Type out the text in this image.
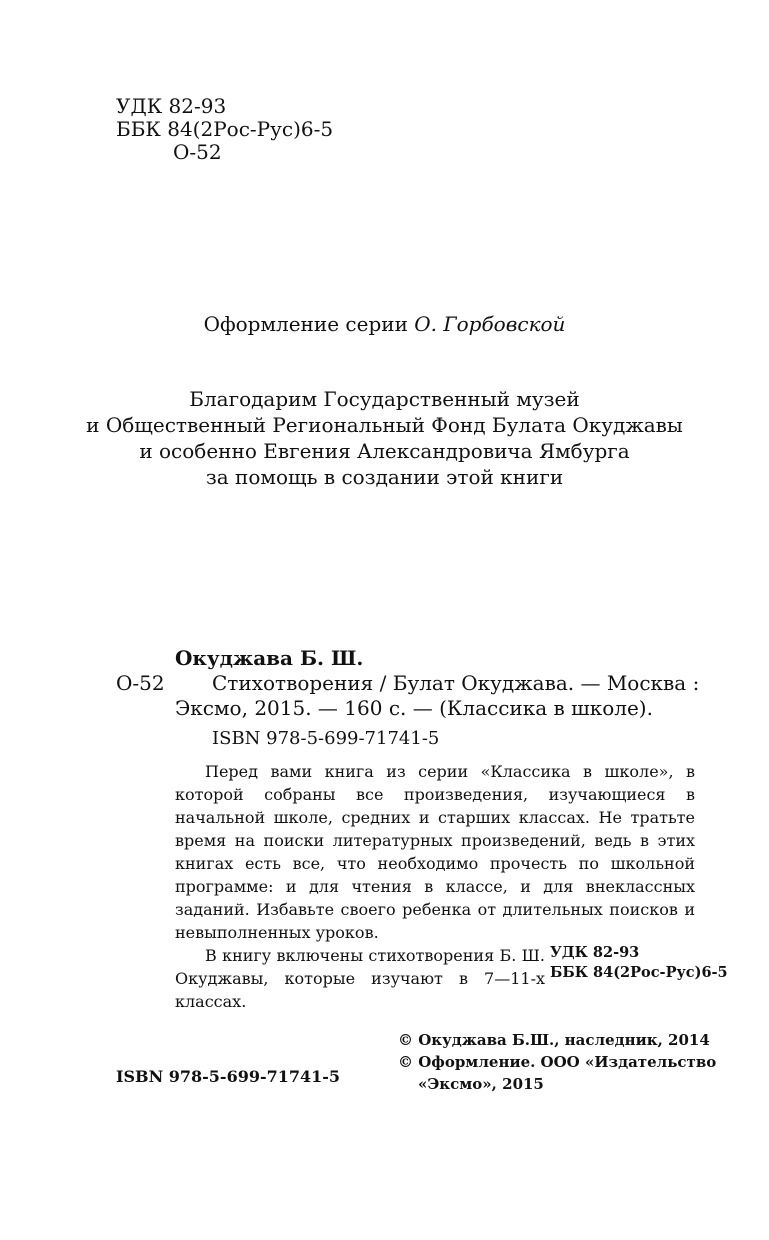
УДК 82-93
ББК 84(2Рос-Рус)6-5
О-52
Оформление серии О. Горбовской
Благодарим Государственный музей
и Общественный Региональный Фонд Булата Окуджавы
и особенно Евгения Александровича Ямбурга
за помощь в создании этой книги
Окуджава Б. Ш.
О-52 Стихотворения / Булат Окуджава. — Москва :
Эксмо, 2015. — 160 с. — (Классика в школе).
ISBN 978-5-699-71741-5

Перед вами книга из серии «Классика в школе», в которой собраны все произведения, изучающиеся в начальной школе, средних и старших классах. Не тратьте время на поиски литературных произведений, ведь в этих книгах есть все, что необходимо прочесть по школьной программе: и для чтения в классе, и для внеклассных заданий. Избавьте своего ребенка от длительных поисков и невыполненных уроков.

В книгу включены стихотворения Б. Ш. Окуджавы, которые изучают в 7—11-х классах.

УДК 82-93
ББК 84(2Рос-Рус)6-5
© Окуджава Б.Ш., наследник, 2014
© Оформление. ООО «Издательство
«Эксмо», 2015
ISBN 978-5-699-71741-5
